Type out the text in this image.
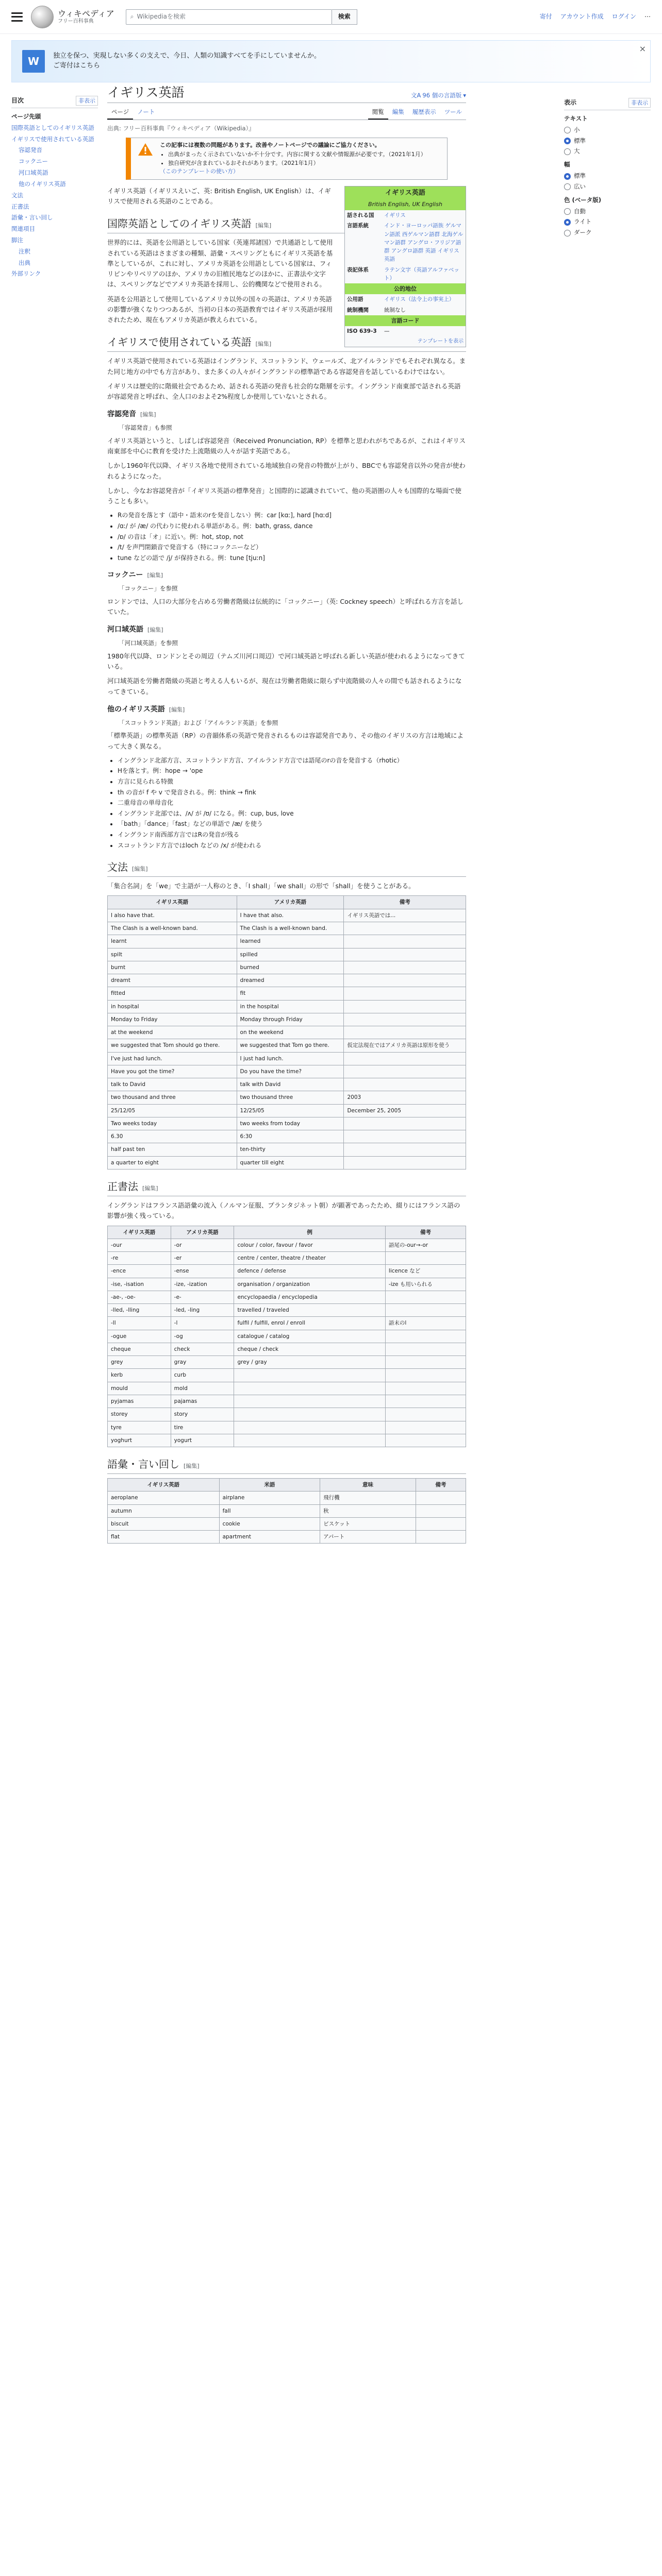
ウィキペディア
フリー百科事典
⌕ Wikipediaを検索	検索	寄付 アカウント作成 ログイン ⋯
W	独立を保つ、実現しない多くの支えで、今日、人類の知識すべてを手にしていませんか。ご寄付はこちら
×
目次	非表示
ページ先頭
国際英語としてのイギリス英語
イギリスで使用されている英語
容認発音
コックニー
河口域英語
他のイギリス英語
文法
正書法
語彙・言い回し
関連項目
脚注
注釈
出典
外部リンク
イギリス英語	文A 96 個の言語版 ▾
ページ	ノート	閲覧	編集	履歴表示	ツール
出典: フリー百科事典『ウィキペディア（Wikipedia）』
この記事には複数の問題があります。改善やノートページでの議論にご協力ください。
• 出典がまったく示されていないか不十分です。内容に関する文献や情報源が必要です。（2021年1月）
• 独自研究が含まれているおそれがあります。（2021年1月）
（このテンプレートの使い方）
イギリス英語
British English, UK English
話される国	イギリス
言語系統	インド・ヨーロッパ語族 ゲルマン語派 西ゲルマン語群 北海ゲルマン語群 アングロ・フリジア語群 アングロ語群 英語 イギリス英語
表記体系	ラテン文字（英語アルファベット）
公的地位
公用語	イギリス（法令上の事実上）
統制機関	統制なし
言語コード
ISO 639-3	—
テンプレートを表示

イギリス英語（イギリスえいご、英: British English, UK English）は、イギリスで使用される英語のことである。

国際英語としてのイギリス英語 [編集]

世界的には、英語を公用語としている国家（英連邦諸国）で共通語として使用されている英語はさまざまの種類、語彙・スペリングともにイギリス英語を基準としているが、これに対し、アメリカ英語を公用語としている国家は、フィリピンやリベリアのほか、アメリカの旧植民地などのほかに、正書法や文字は、スペリングなどでアメリカ英語を採用し、公的機関などで使用される。

英語を公用語として使用しているアメリカ以外の国々の英語は、アメリカ英語の影響が強くなりつつあるが、当初の日本の英語教育ではイギリス英語が採用されたため、現在もアメリカ英語が教えられている。

イギリスで使用されている英語 [編集]

イギリス英語で使用されている英語はイングランド、スコットランド、ウェールズ、北アイルランドでもそれぞれ異なる。また同じ地方の中でも方言があり、また多くの人々がイングランドの標準語である容認発音を話しているわけではない。

イギリスは歴史的に階級社会であるため、話される英語の発音も社会的な階層を示す。イングランド南東部で話される英語が容認発音と呼ばれ、全人口のおよそ2%程度しか使用していないとされる。

容認発音 [編集]
「容認発音」も参照

イギリス英語というと、しばしば容認発音（Received Pronunciation, RP）を標準と思われがちであるが、これはイギリス南東部を中心に教育を受けた上流階級の人々が話す英語である。

しかし1960年代以降、イギリス各地で使用されている地域独自の発音の特徴が上がり、BBCでも容認発音以外の発音が使われるようになった。

しかし、今なお容認発音が「イギリス英語の標準発音」と国際的に認識されていて、他の英語圏の人々も国際的な場面で使うことも多い。

• Rの発音を落とす（語中・語末のrを発音しない）例：car [kɑː], hard [hɑːd]
• /ɑː/ が /æ/ の代わりに使われる単語がある。例：bath, grass, dance
• /ɒ/ の音は「オ」に近い。例：hot, stop, not
• /t/ を声門閉鎖音で発音する（特にコックニーなど）
• tune などの語で /j/ が保持される。例：tune [tjuːn]
コックニー [編集]
「コックニー」を参照

ロンドンでは、人口の大部分を占める労働者階級は伝統的に「コックニー」（英: Cockney speech）と呼ばれる方言を話していた。

河口域英語 [編集]
「河口域英語」を参照

1980年代以降、ロンドンとその周辺（テムズ川河口周辺）で河口域英語と呼ばれる新しい英語が使われるようになってきている。

河口域英語を労働者階級の英語と考える人もいるが、現在は労働者階級に限らず中流階級の人々の間でも話されるようになってきている。

他のイギリス英語 [編集]
「スコットランド英語」および「アイルランド英語」を参照

「標準英語」の標準英語（RP）の音韻体系の英語で発音されるものは容認発音であり、その他のイギリスの方言は地域によって大きく異なる。

• イングランド北部方言、スコットランド方言、アイルランド方言では語尾のrの音を発音する（rhotic）
• Hを落とす。例：hope → 'ope
• 方言に見られる特徴
• th の音が f や v で発音される。例：think → fink
• 二重母音の単母音化
• イングランド北部では、/ʌ/ が /ʊ/ になる。例：cup, bus, love
• 「bath」「dance」「fast」などの単語で /æ/ を使う
• イングランド南西部方言ではRの発音が残る
• スコットランド方言ではloch などの /x/ が使われる
文法 [編集]

「集合名詞」を「we」で主語が一人称のとき、「I shall」「we shall」の形で「shall」を使うことがある。

イギリス英語	アメリカ英語	備考
I also have that.	I have that also.	イギリス英語では...
The Clash is a well-known band.	The Clash is a well-known band.	
learnt	learned	
spilt	spilled	
burnt	burned	
dreamt	dreamed	
fitted	fit	
in hospital	in the hospital	
Monday to Friday	Monday through Friday	
at the weekend	on the weekend	
we suggested that Tom should go there.	we suggested that Tom go there.	仮定法現在ではアメリカ英語は原形を使う
I've just had lunch.	I just had lunch.	
Have you got the time?	Do you have the time?	
talk to David	talk with David	
two thousand and three	two thousand three	2003
25/12/05	12/25/05	December 25, 2005
Two weeks today	two weeks from today	
6.30	6:30	
half past ten	ten-thirty	
a quarter to eight	quarter till eight	
正書法 [編集]

イングランドはフランス語語彙の流入（ノルマン征服、プランタジネット朝）が顕著であったため、綴りにはフランス語の影響が強く残っている。

イギリス英語	アメリカ英語	例	備考
-our	-or	colour / color, favour / favor	語尾の-our→-or
-re	-er	centre / center, theatre / theater	
-ence	-ense	defence / defense	licence など
-ise, -isation	-ize, -ization	organisation / organization	-ize も用いられる
-ae-, -oe-	-e-	encyclopaedia / encyclopedia	
-lled, -lling	-led, -ling	travelled / traveled	
-ll	-l	fulfil / fulfill, enrol / enroll	語末のl
-ogue	-og	catalogue / catalog	
cheque	check	cheque / check	
grey	gray	grey / gray	
kerb	curb		
mould	mold		
pyjamas	pajamas		
storey	story		
tyre	tire		
yoghurt	yogurt		
語彙・言い回し [編集]
イギリス英語	米語	意味	備考
aeroplane	airplane	飛行機	
autumn	fall	秋	
biscuit	cookie	ビスケット	
flat	apartment	アパート	
表示	非表示
テキスト
小
標準
大
幅
標準
広い
色 (ベータ版)
自動
ライト
ダーク
